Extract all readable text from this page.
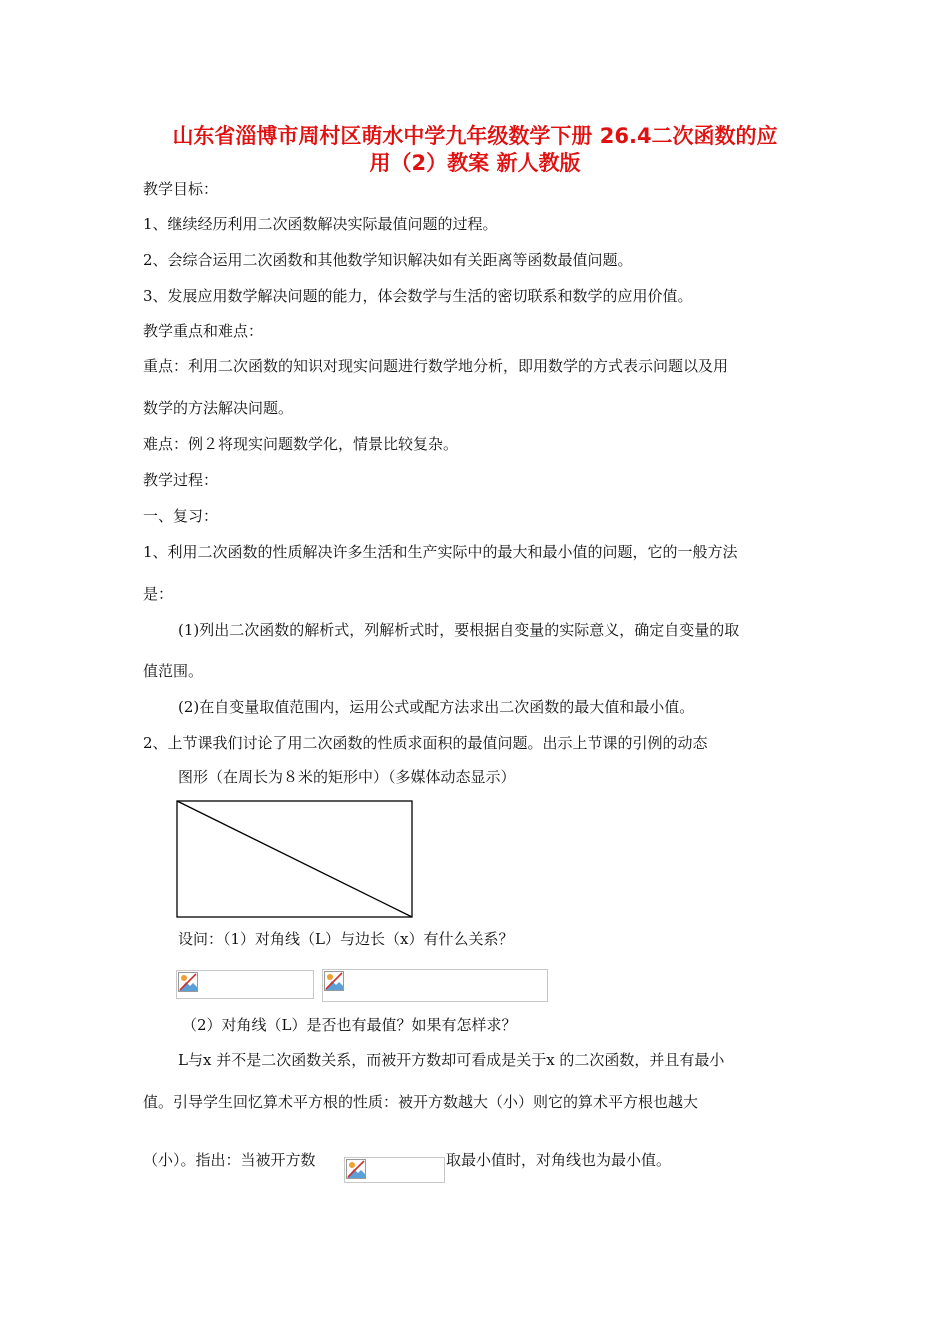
山东省淄博市周村区萌水中学九年级数学下册 26.4二次函数的应
用（2）教案 新人教版
教学目标：
1、继续经历利用二次函数解决实际最值问题的过程。
2、会综合运用二次函数和其他数学知识解决如有关距离等函数最值问题。
3、发展应用数学解决问题的能力，体会数学与生活的密切联系和数学的应用价值。
教学重点和难点：
重点：利用二次函数的知识对现实问题进行数学地分析，即用数学的方式表示问题以及用
数学的方法解决问题。
难点：例２将现实问题数学化，情景比较复杂。
教学过程：
一、复习：
1、利用二次函数的性质解决许多生活和生产实际中的最大和最小值的问题，它的一般方法
是：
(1)列出二次函数的解析式，列解析式时，要根据自变量的实际意义，确定自变量的取
值范围。
(2)在自变量取值范围内，运用公式或配方法求出二次函数的最大值和最小值。
2、上节课我们讨论了用二次函数的性质求面积的最值问题。出示上节课的引例的动态
图形（在周长为８米的矩形中）（多媒体动态显示）
设问：（1）对角线（L）与边长（x）有什么关系？
（2）对角线（L）是否也有最值？如果有怎样求？
L与x 并不是二次函数关系，而被开方数却可看成是关于x 的二次函数，并且有最小
值。引导学生回忆算术平方根的性质：被开方数越大（小）则它的算术平方根也越大
（小）。指出：当被开方数	取最小值时，对角线也为最小值。
